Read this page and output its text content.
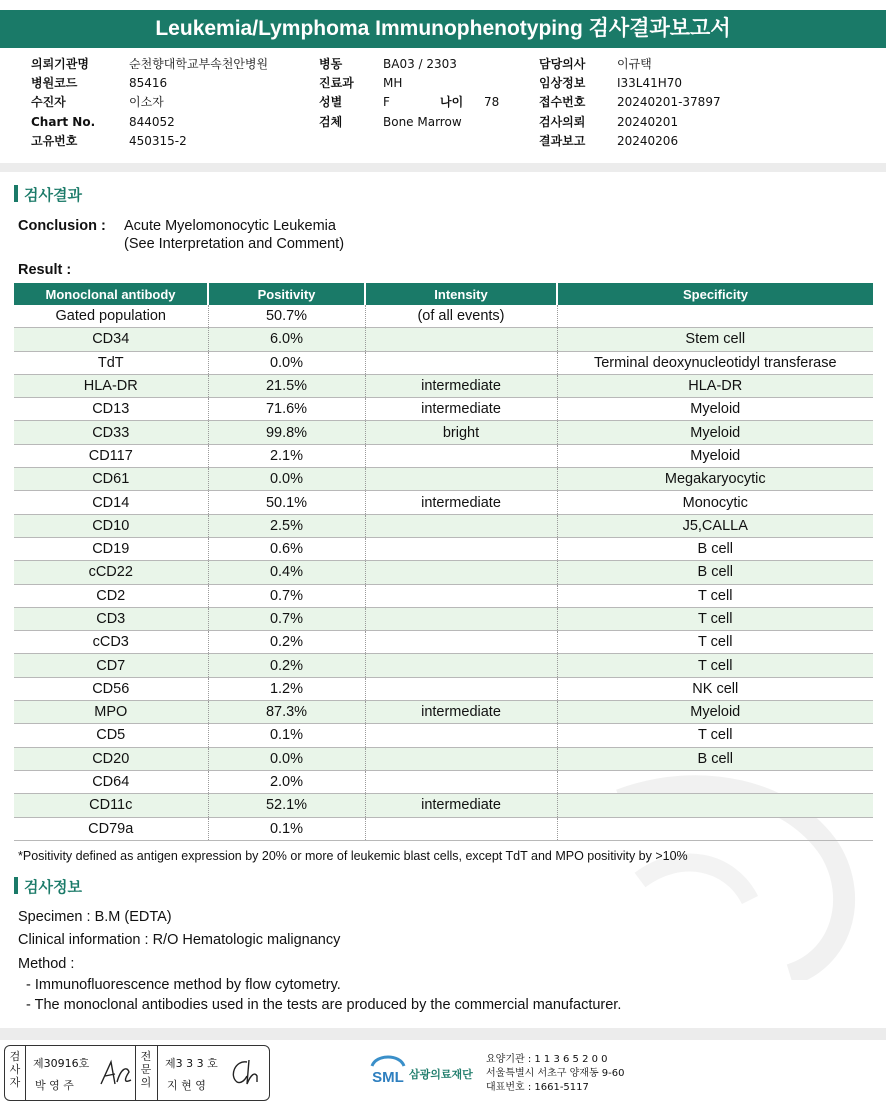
Leukemia/Lymphoma Immunophenotyping 검사결과보고서
의뢰기관명	순천향대학교부속천안병원
병원코드	85416
수진자	이소자
Chart No.	844052
고유번호	450315-2
병동	BA03 / 2303
진료과 MH
성별	F	나이 78
검체	Bone Marrow
담당의사	이규택
임상정보	I33L41H70
접수번호	20240201-37897
검사의뢰	20240201
결과보고	20240206
검사결과
Conclusion : Acute Myelomonocytic Leukemia
(See Interpretation and Comment)
Result :
Monoclonal antibody	Positivity	Intensity	Specificity
Gated population	50.7%	(of all events)	
CD34	6.0%		Stem cell
TdT	0.0%		Terminal deoxynucleotidyl transferase
HLA-DR	21.5%	intermediate	HLA-DR
CD13	71.6%	intermediate	Myeloid
CD33	99.8%	bright	Myeloid
CD117	2.1%		Myeloid
CD61	0.0%		Megakaryocytic
CD14	50.1%	intermediate	Monocytic
CD10	2.5%		J5,CALLA
CD19	0.6%		B cell
cCD22	0.4%		B cell
CD2	0.7%		T cell
CD3	0.7%		T cell
cCD3	0.2%		T cell
CD7	0.2%		T cell
CD56	1.2%		NK cell
MPO	87.3%	intermediate	Myeloid
CD5	0.1%		T cell
CD20	0.0%		B cell
CD64	2.0%		
CD11c	52.1%	intermediate	
CD79a	0.1%		
*Positivity defined as antigen expression by 20% or more of leukemic blast cells, except TdT and MPO positivity by >10%
검사정보
Specimen : B.M (EDTA)
Clinical information : R/O Hematologic malignancy
Method :
- Immunofluorescence method by flow cytometry.
- The monoclonal antibodies used in the tests are produced by the commercial manufacturer.
검사자
제30916호
박 영 주
전문의
제3 3 3 호
지 현 영	SML 삼광의료재단
요양기관 : 1 1 3 6 5 2 0 0
서울특별시 서초구 양재동 9-60
대표번호 : 1661-5117
